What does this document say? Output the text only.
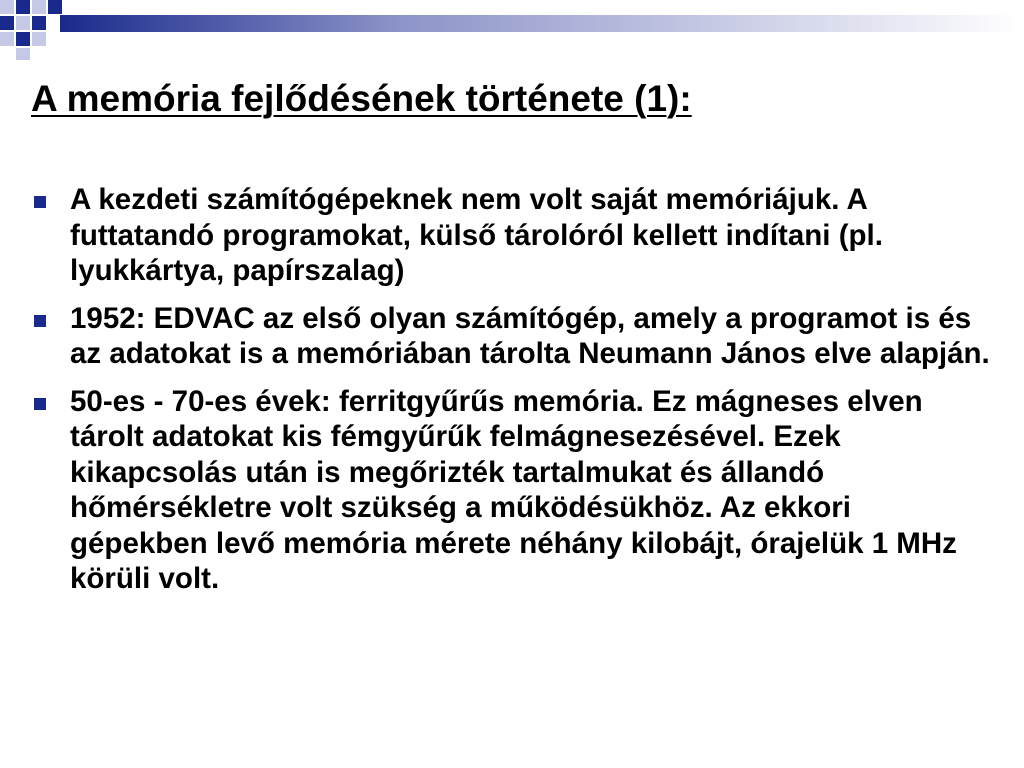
A memória fejlődésének története (1):
A kezdeti számítógépeknek nem volt saját memóriájuk. A futtatandó programokat, külső tárolóról kellett indítani (pl. lyukkártya, papírszalag)
1952: EDVAC az első olyan számítógép, amely a programot is és az adatokat is a memóriában tárolta Neumann János elve alapján.
50-es - 70-es évek: ferritgyűrűs memória. Ez mágneses elven tárolt adatokat kis fémgyűrűk felmágnesezésével. Ezek kikapcsolás után is megőrizték tartalmukat és állandó hőmérsékletre volt szükség a működésükhöz. Az ekkori gépekben levő memória mérete néhány kilobájt, órajelük 1 MHz körüli volt.
